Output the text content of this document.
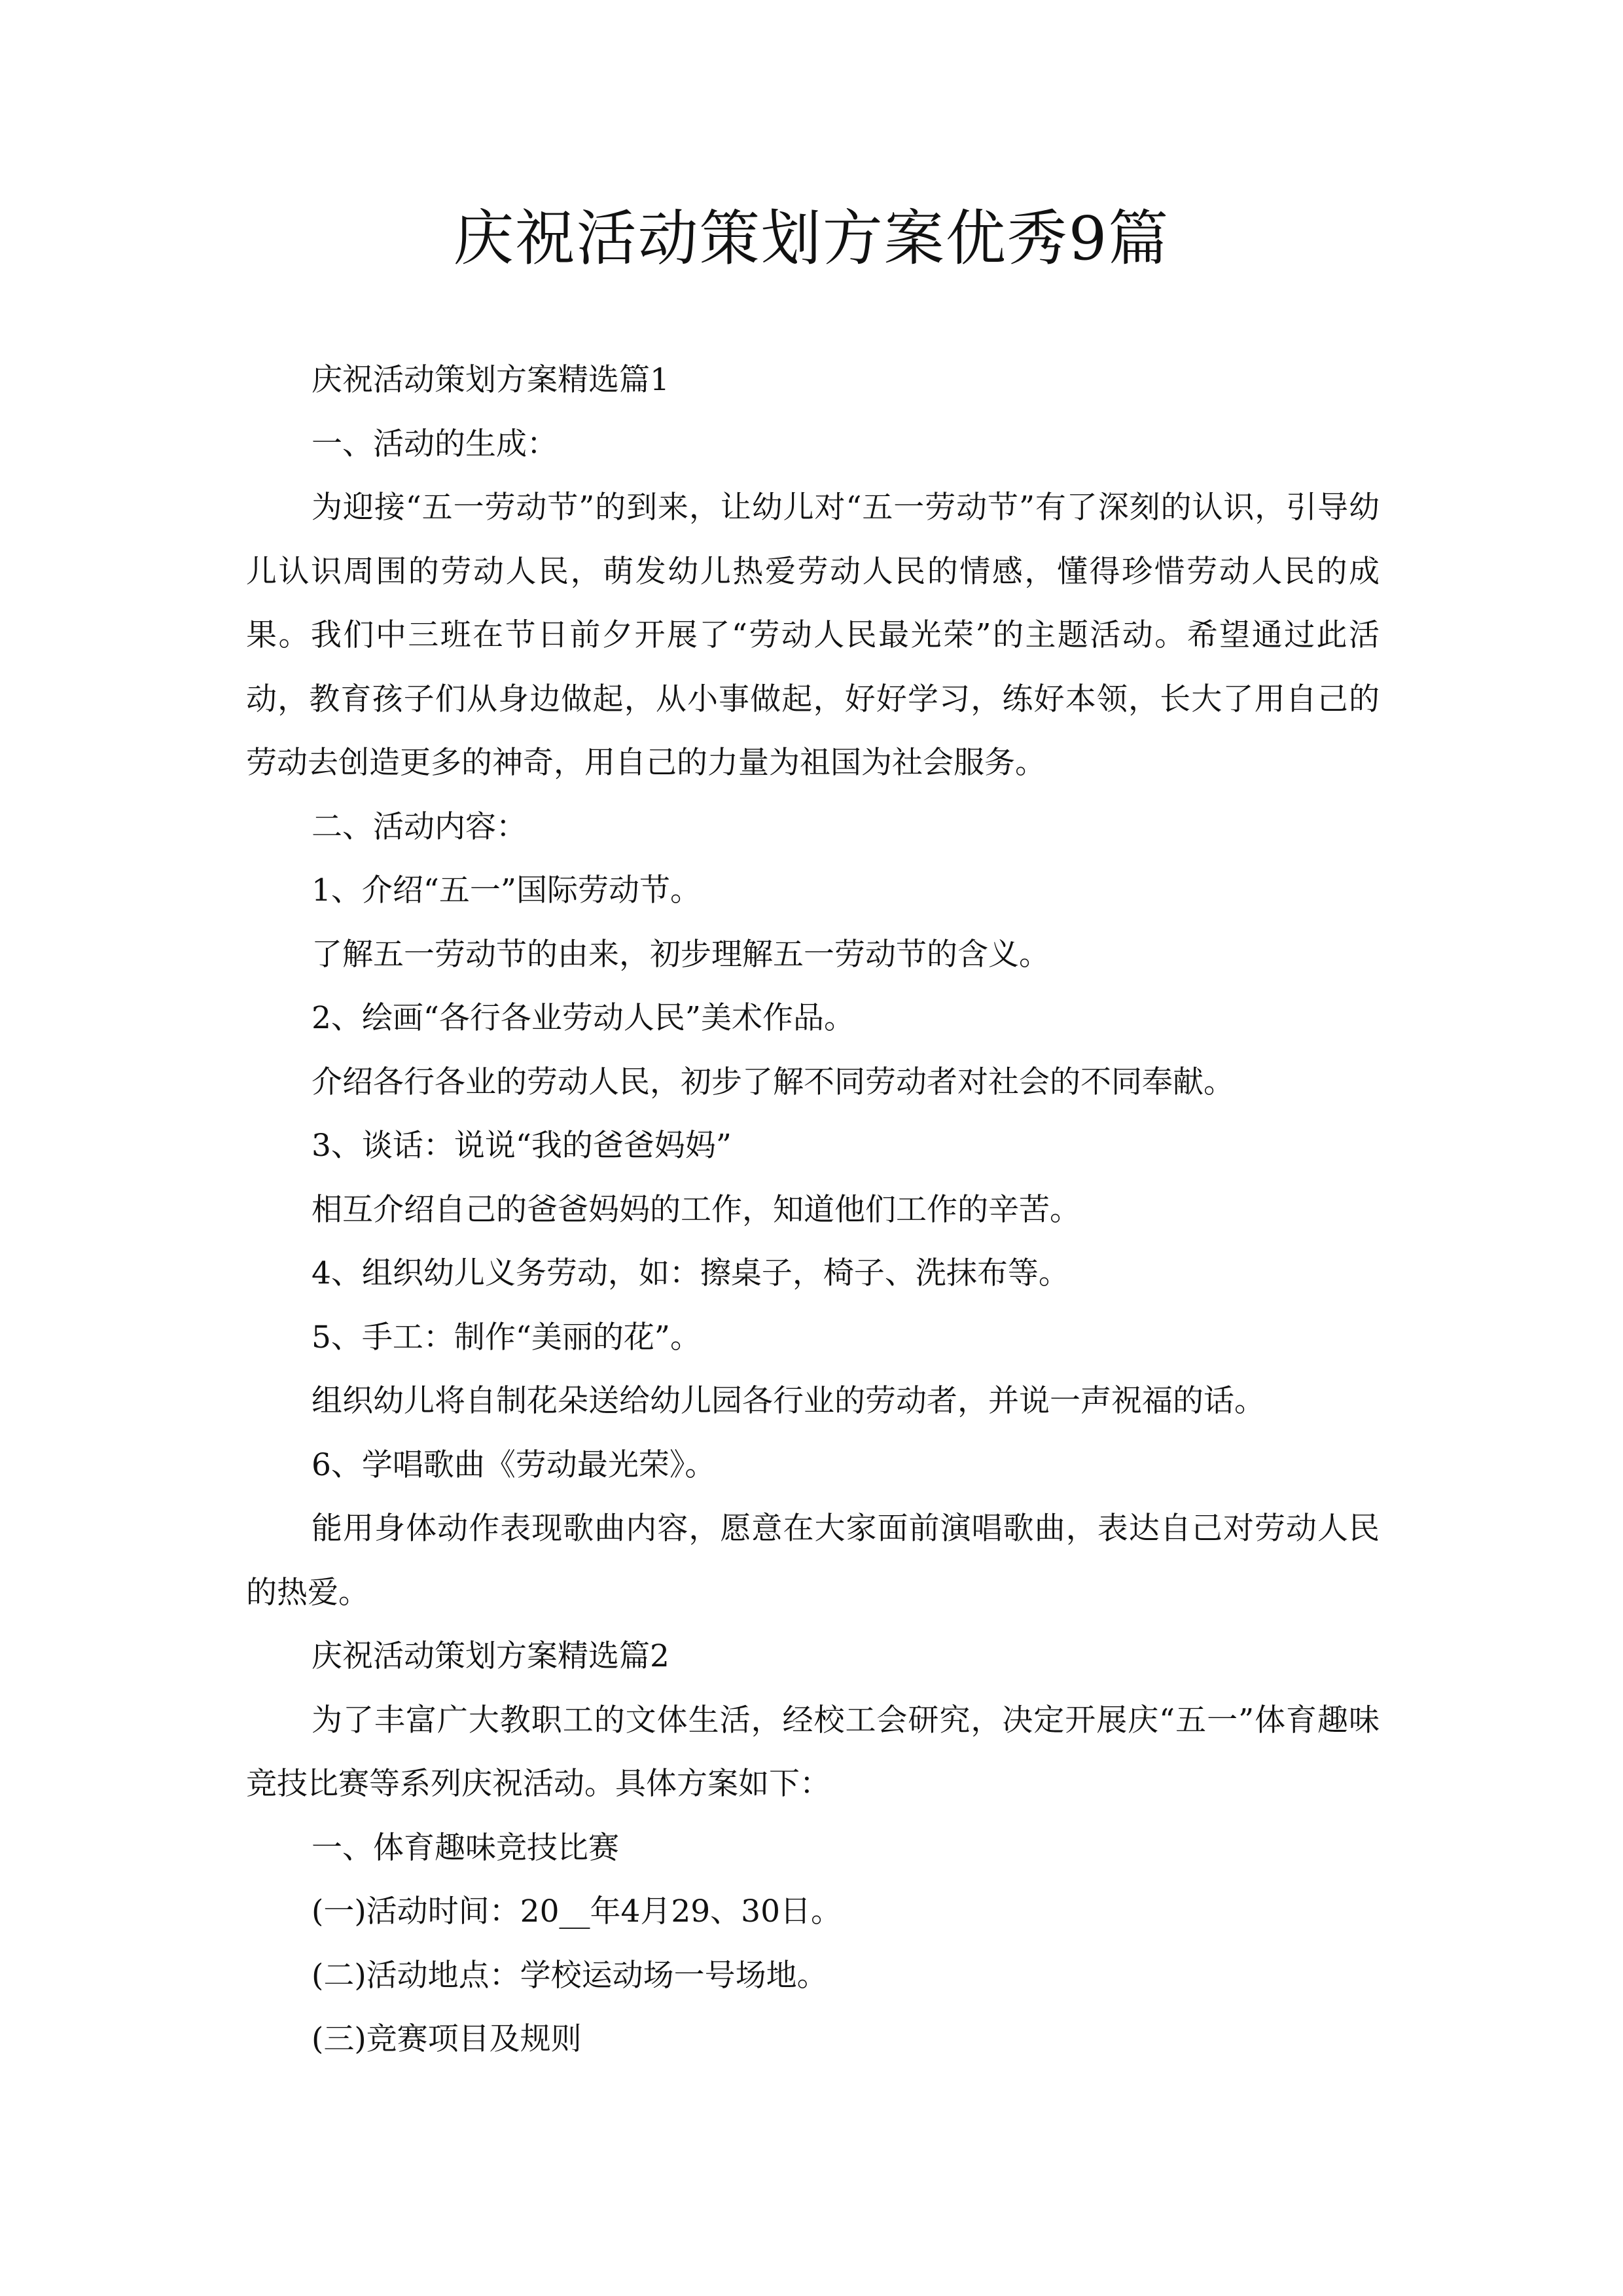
庆祝活动策划方案优秀9篇

庆祝活动策划方案精选篇1

一、活动的生成：

为迎接“五一劳动节”的到来，让幼儿对“五一劳动节”有了深刻的认识，引导幼儿认识周围的劳动人民，萌发幼儿热爱劳动人民的情感，懂得珍惜劳动人民的成果。我们中三班在节日前夕开展了“劳动人民最光荣”的主题活动。希望通过此活动，教育孩子们从身边做起，从小事做起，好好学习，练好本领，长大了用自己的劳动去创造更多的神奇，用自己的力量为祖国为社会服务。

二、活动内容：

1、介绍“五一”国际劳动节。

了解五一劳动节的由来，初步理解五一劳动节的含义。

2、绘画“各行各业劳动人民”美术作品。

介绍各行各业的劳动人民，初步了解不同劳动者对社会的不同奉献。

3、谈话：说说“我的爸爸妈妈”

相互介绍自己的爸爸妈妈的工作，知道他们工作的辛苦。

4、组织幼儿义务劳动，如：擦桌子，椅子、洗抹布等。

5、手工：制作“美丽的花”。

组织幼儿将自制花朵送给幼儿园各行业的劳动者，并说一声祝福的话。

6、学唱歌曲《劳动最光荣》。

能用身体动作表现歌曲内容，愿意在大家面前演唱歌曲，表达自己对劳动人民的热爱。

庆祝活动策划方案精选篇2

为了丰富广大教职工的文体生活，经校工会研究，决定开展庆“五一”体育趣味竞技比赛等系列庆祝活动。具体方案如下：

一、体育趣味竞技比赛

(一)活动时间：20__年4月29、30日。

(二)活动地点：学校运动场一号场地。

(三)竞赛项目及规则
